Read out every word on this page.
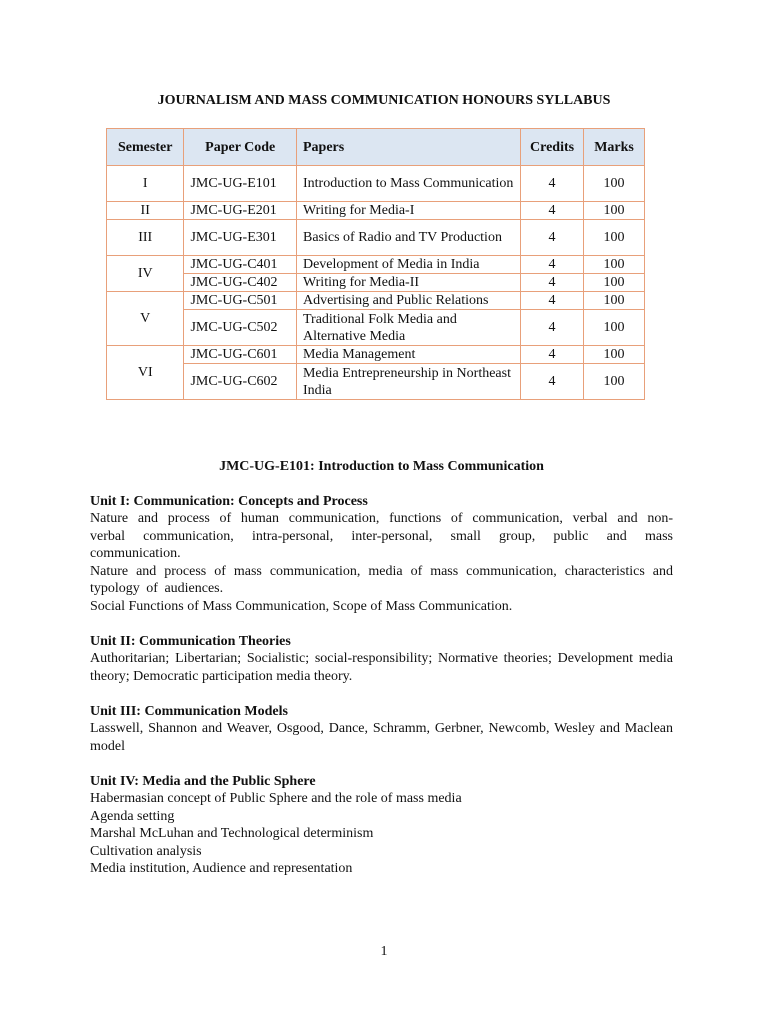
JOURNALISM AND MASS COMMUNICATION HONOURS SYLLABUS
Semester	Paper Code	Papers	Credits	Marks
I	JMC-UG-E101	Introduction to Mass Communication	4	100
II	JMC-UG-E201	Writing for Media-I	4	100
III	JMC-UG-E301	Basics of Radio and TV Production	4	100
IV	JMC-UG-C401	Development of Media in India	4	100
	JMC-UG-C402	Writing for Media-II	4	100
V	JMC-UG-C501	Advertising and Public Relations	4	100
	JMC-UG-C502	Traditional Folk Media and Alternative Media	4	100
VI	JMC-UG-C601	Media Management	4	100
	JMC-UG-C602	Media Entrepreneurship in Northeast India	4	100
JMC-UG-E101: Introduction to Mass Communication
Unit I: Communication: Concepts and Process
Nature and process of human communication, functions of communication, verbal and non- verbal communication, intra-personal, inter-personal, small group, public and mass communication.
Nature and process of mass communication, media of mass communication, characteristics and typology of audiences.
Social Functions of Mass Communication, Scope of Mass Communication.
Unit II: Communication Theories
Authoritarian; Libertarian; Socialistic; social-responsibility; Normative theories; Development media theory; Democratic participation media theory.
Unit III: Communication Models
Lasswell, Shannon and Weaver, Osgood, Dance, Schramm, Gerbner, Newcomb, Wesley and Maclean model
Unit IV: Media and the Public Sphere
Habermasian concept of Public Sphere and the role of mass media
Agenda setting
Marshal McLuhan and Technological determinism
Cultivation analysis
Media institution, Audience and representation
1
